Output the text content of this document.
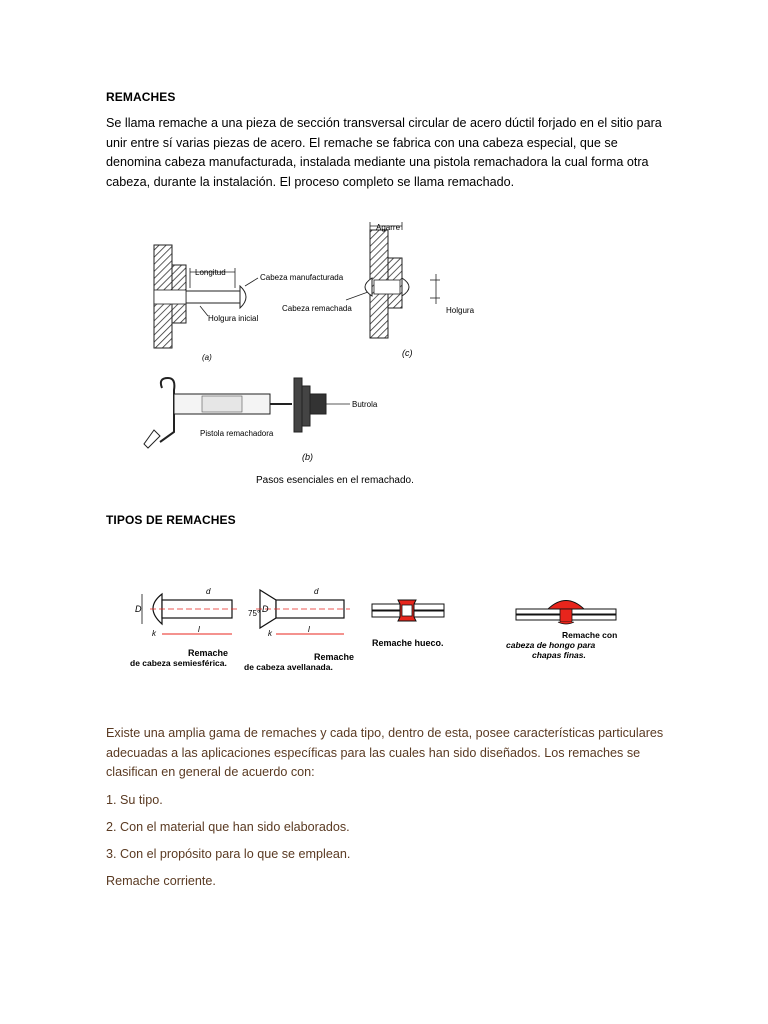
REMACHES
Se llama remache a una pieza de sección transversal circular de acero dúctil forjado en el sitio para unir entre sí varias piezas de acero. El remache se fabrica con una cabeza especial, que se denomina cabeza manufacturada, instalada mediante una pistola remachadora la cual forma otra cabeza, durante la instalación. El proceso completo se llama remachado.
Longitud
Cabeza manufacturada
Holgura inicial
(a)
Agarre
Cabeza remachada	Holgura
(c)
Butrola
Pistola remachadora
(b)
Pasos esenciales en el remachado.
TIPOS DE REMACHES
D
d
k	l
Remache
de cabeza semiesférica.
75° D
d
k	l
Remache
de cabeza avellanada.
Remache hueco.
Remache con
cabeza de hongo para
chapas finas.
Existe una amplia gama de remaches y cada tipo, dentro de esta, posee características particulares adecuadas a las aplicaciones específicas para las cuales han sido diseñados. Los remaches se clasifican en general de acuerdo con:
1. Su tipo.
2. Con el material que han sido elaborados.
3. Con el propósito para lo que se emplean.
Remache corriente.
